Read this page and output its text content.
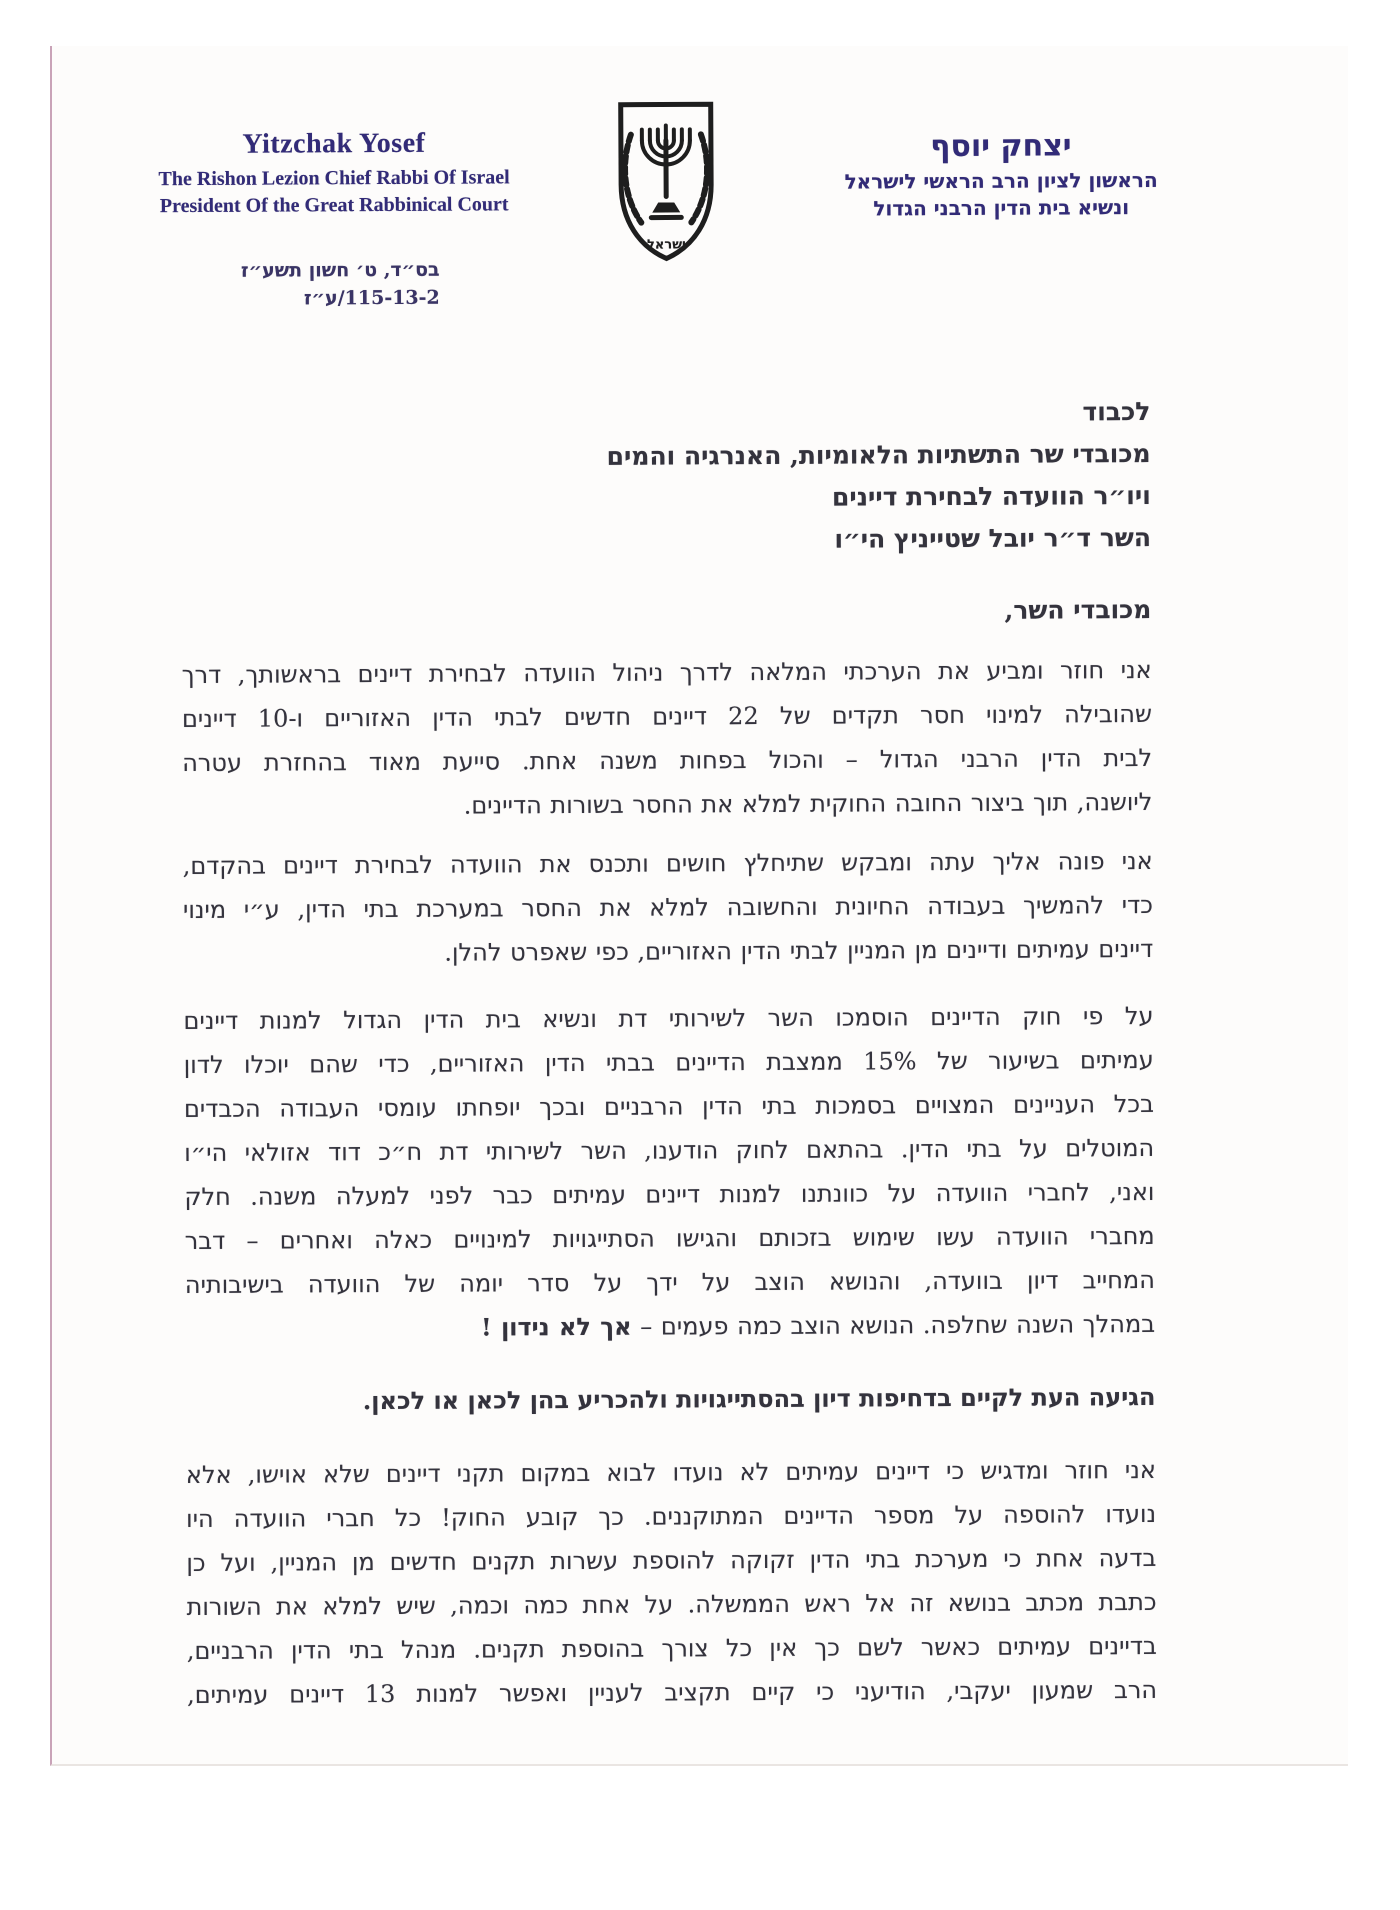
Yitzchak Yosef
The Rishon Lezion Chief Rabbi Of Israel
President Of the Great Rabbinical Court
ישראל
יצחק יוסף
הראשון לציון הרב הראשי לישראל
ונשיא בית הדין הרבני הגדול
בס״ד, ט׳ חשון תשע״ז
115-13-2/ע״ז
לכבוד
מכובדי שר התשתיות הלאומיות, האנרגיה והמים
ויו״ר הוועדה לבחירת דיינים
השר ד״ר יובל שטייניץ הי״ו
מכובדי השר,
אני חוזר ומביע את הערכתי המלאה לדרך ניהול הוועדה לבחירת דיינים בראשותך, דרך
שהובילה למינוי חסר תקדים של 22 דיינים חדשים לבתי הדין האזוריים ו-10 דיינים
לבית הדין הרבני הגדול – והכול בפחות משנה אחת. סייעת מאוד בהחזרת עטרה
ליושנה, תוך ביצור החובה החוקית למלא את החסר בשורות הדיינים.
אני פונה אליך עתה ומבקש שתיחלץ חושים ותכנס את הוועדה לבחירת דיינים בהקדם,
כדי להמשיך בעבודה החיונית והחשובה למלא את החסר במערכת בתי הדין, ע״י מינוי
דיינים עמיתים ודיינים מן המניין לבתי הדין האזוריים, כפי שאפרט להלן.
על פי חוק הדיינים הוסמכו השר לשירותי דת ונשיא בית הדין הגדול למנות דיינים
עמיתים בשיעור של 15% ממצבת הדיינים בבתי הדין האזוריים, כדי שהם יוכלו לדון
בכל העניינים המצויים בסמכות בתי הדין הרבניים ובכך יופחתו עומסי העבודה הכבדים
המוטלים על בתי הדין. בהתאם לחוק הודענו, השר לשירותי דת ח״כ דוד אזולאי הי״ו
ואני, לחברי הוועדה על כוונתנו למנות דיינים עמיתים כבר לפני למעלה משנה. חלק
מחברי הוועדה עשו שימוש בזכותם והגישו הסתייגויות למינויים כאלה ואחרים – דבר
המחייב דיון בוועדה, והנושא הוצב על ידך על סדר יומה של הוועדה בישיבותיה
במהלך השנה שחלפה. הנושא הוצב כמה פעמים – אך לא נידון !
הגיעה העת לקיים בדחיפות דיון בהסתייגויות ולהכריע בהן לכאן או לכאן.
אני חוזר ומדגיש כי דיינים עמיתים לא נועדו לבוא במקום תקני דיינים שלא אוישו, אלא
נועדו להוספה על מספר הדיינים המתוקננים. כך קובע החוק! כל חברי הוועדה היו
בדעה אחת כי מערכת בתי הדין זקוקה להוספת עשרות תקנים חדשים מן המניין, ועל כן
כתבת מכתב בנושא זה אל ראש הממשלה. על אחת כמה וכמה, שיש למלא את השורות
בדיינים עמיתים כאשר לשם כך אין כל צורך בהוספת תקנים. מנהל בתי הדין הרבניים,
הרב שמעון יעקבי, הודיעני כי קיים תקציב לעניין ואפשר למנות 13 דיינים עמיתים,
